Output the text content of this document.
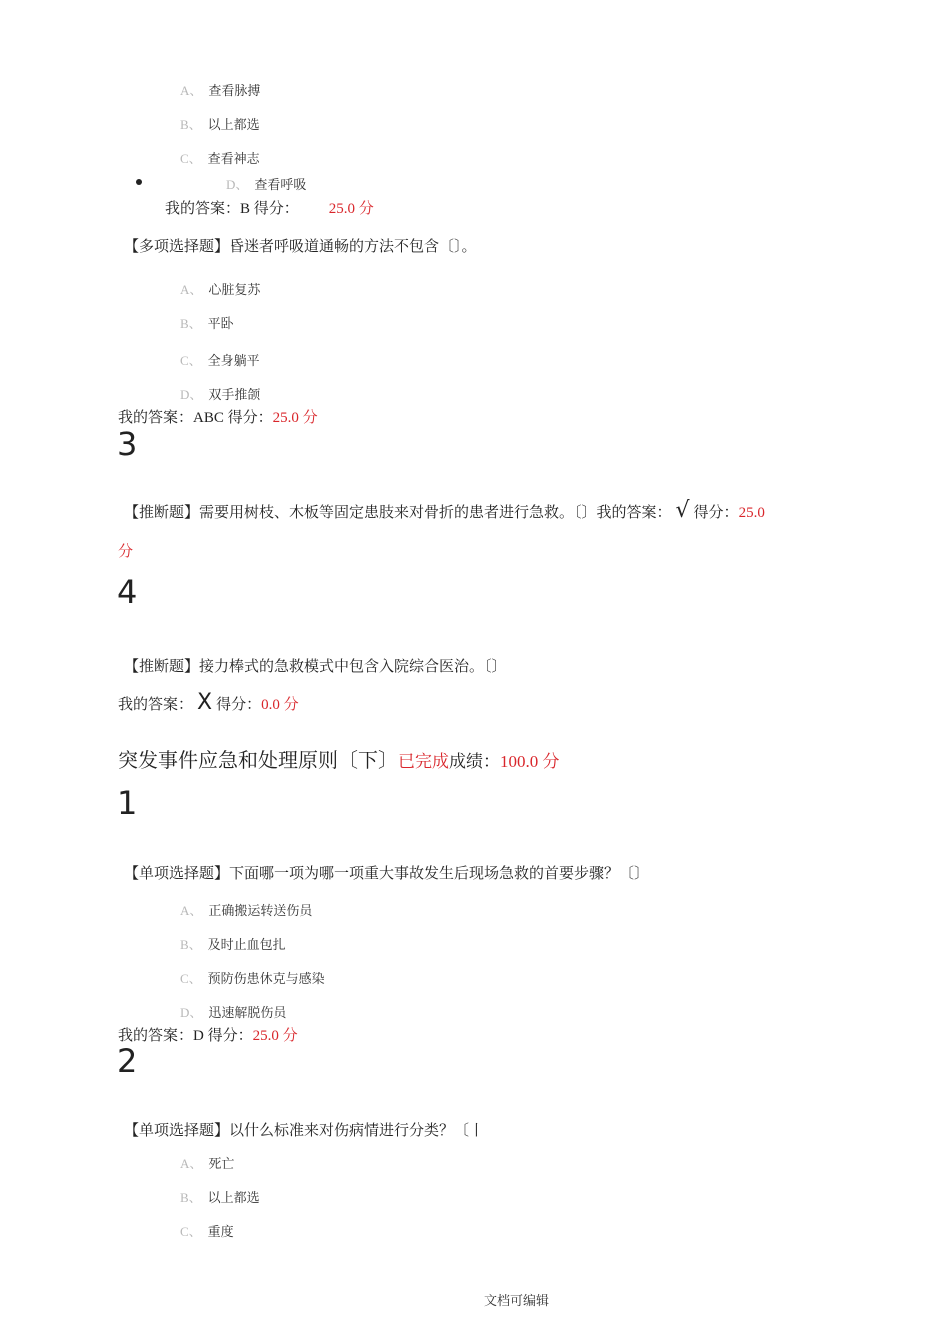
A、 查看脉搏
B、 以上都选
C、 查看神志
D、 查看呼吸
我的答案：B 得分： 25.0 分
【多项选择题】昏迷者呼吸道通畅的方法不包含〔〕。
A、 心脏复苏
B、 平卧
C、 全身躺平
D、 双手推颌
我的答案：ABC 得分：25.0 分
3
【推断题】需要用树枝、木板等固定患肢来对骨折的患者进行急救。〔〕我的答案： √ 得分：25.0
分
4
【推断题】接力棒式的急救模式中包含入院综合医治。〔〕
我的答案： X 得分：0.0 分
突发事件应急和处理原则〔下〕已完成成绩：100.0 分
1
【单项选择题】下面哪一项为哪一项重大事故发生后现场急救的首要步骤？〔〕
A、 正确搬运转送伤员
B、 及时止血包扎
C、 预防伤患休克与感染
D、 迅速解脱伤员
我的答案：D 得分：25.0 分
2
【单项选择题】以什么标准来对伤病情进行分类？〔丨
A、 死亡
B、 以上都选
C、 重度
文档可编辑
